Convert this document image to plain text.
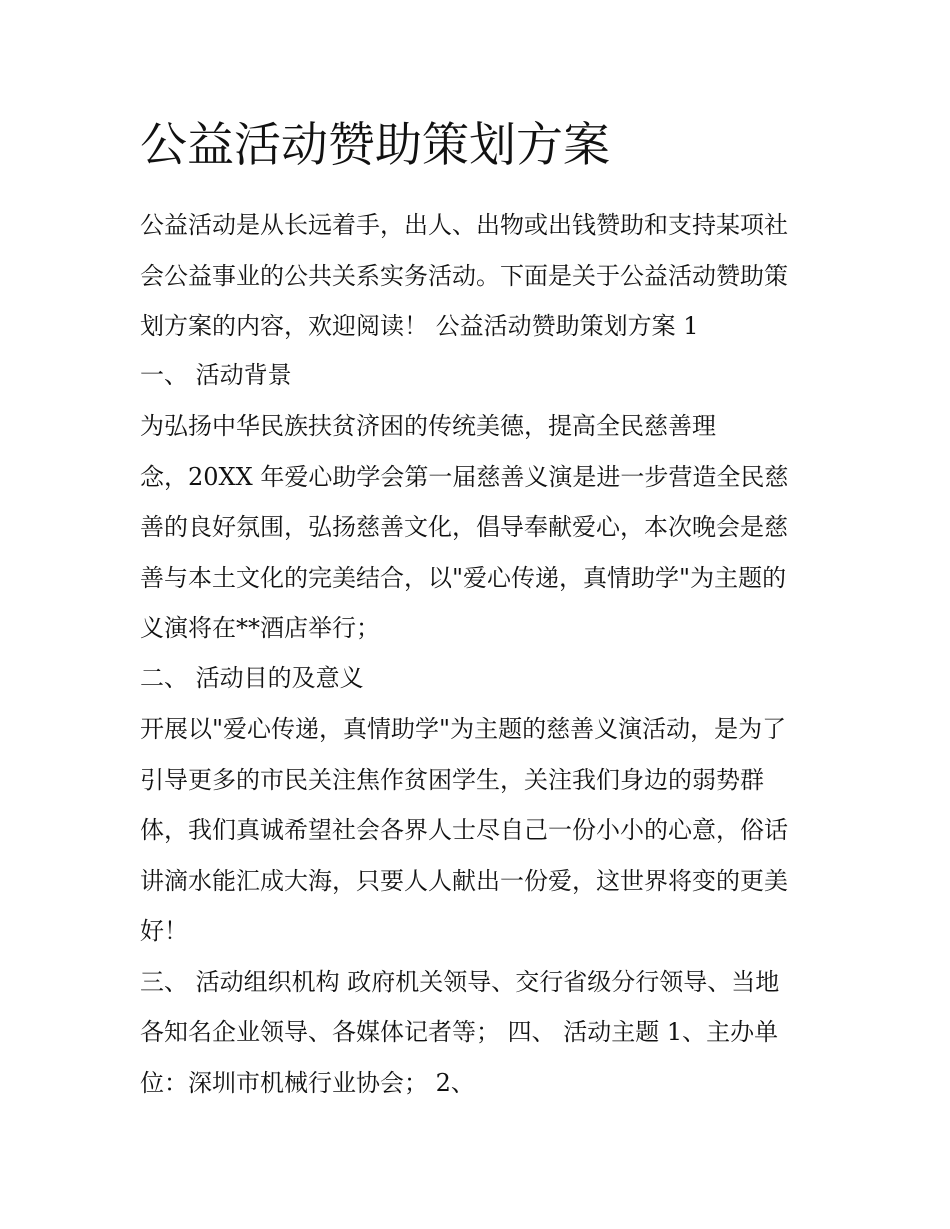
公益活动赞助策划方案

公益活动是从长远着手，出人、出物或出钱赞助和支持某项社

会公益事业的公共关系实务活动。下面是关于公益活动赞助策

划方案的内容，欢迎阅读！ 公益活动赞助策划方案 1

一、 活动背景

为弘扬中华民族扶贫济困的传统美德，提高全民慈善理

念，20XX 年爱心助学会第一届慈善义演是进一步营造全民慈

善的良好氛围，弘扬慈善文化，倡导奉献爱心，本次晚会是慈

善与本土文化的完美结合，以"爱心传递，真情助学"为主题的

义演将在**酒店举行；

二、 活动目的及意义

开展以"爱心传递，真情助学"为主题的慈善义演活动，是为了

引导更多的市民关注焦作贫困学生，关注我们身边的弱势群

体，我们真诚希望社会各界人士尽自己一份小小的心意，俗话

讲滴水能汇成大海，只要人人献出一份爱，这世界将变的更美

好！

三、 活动组织机构 政府机关领导、交行省级分行领导、当地

各知名企业领导、各媒体记者等； 四、 活动主题 1、主办单

位：深圳市机械行业协会； 2、
